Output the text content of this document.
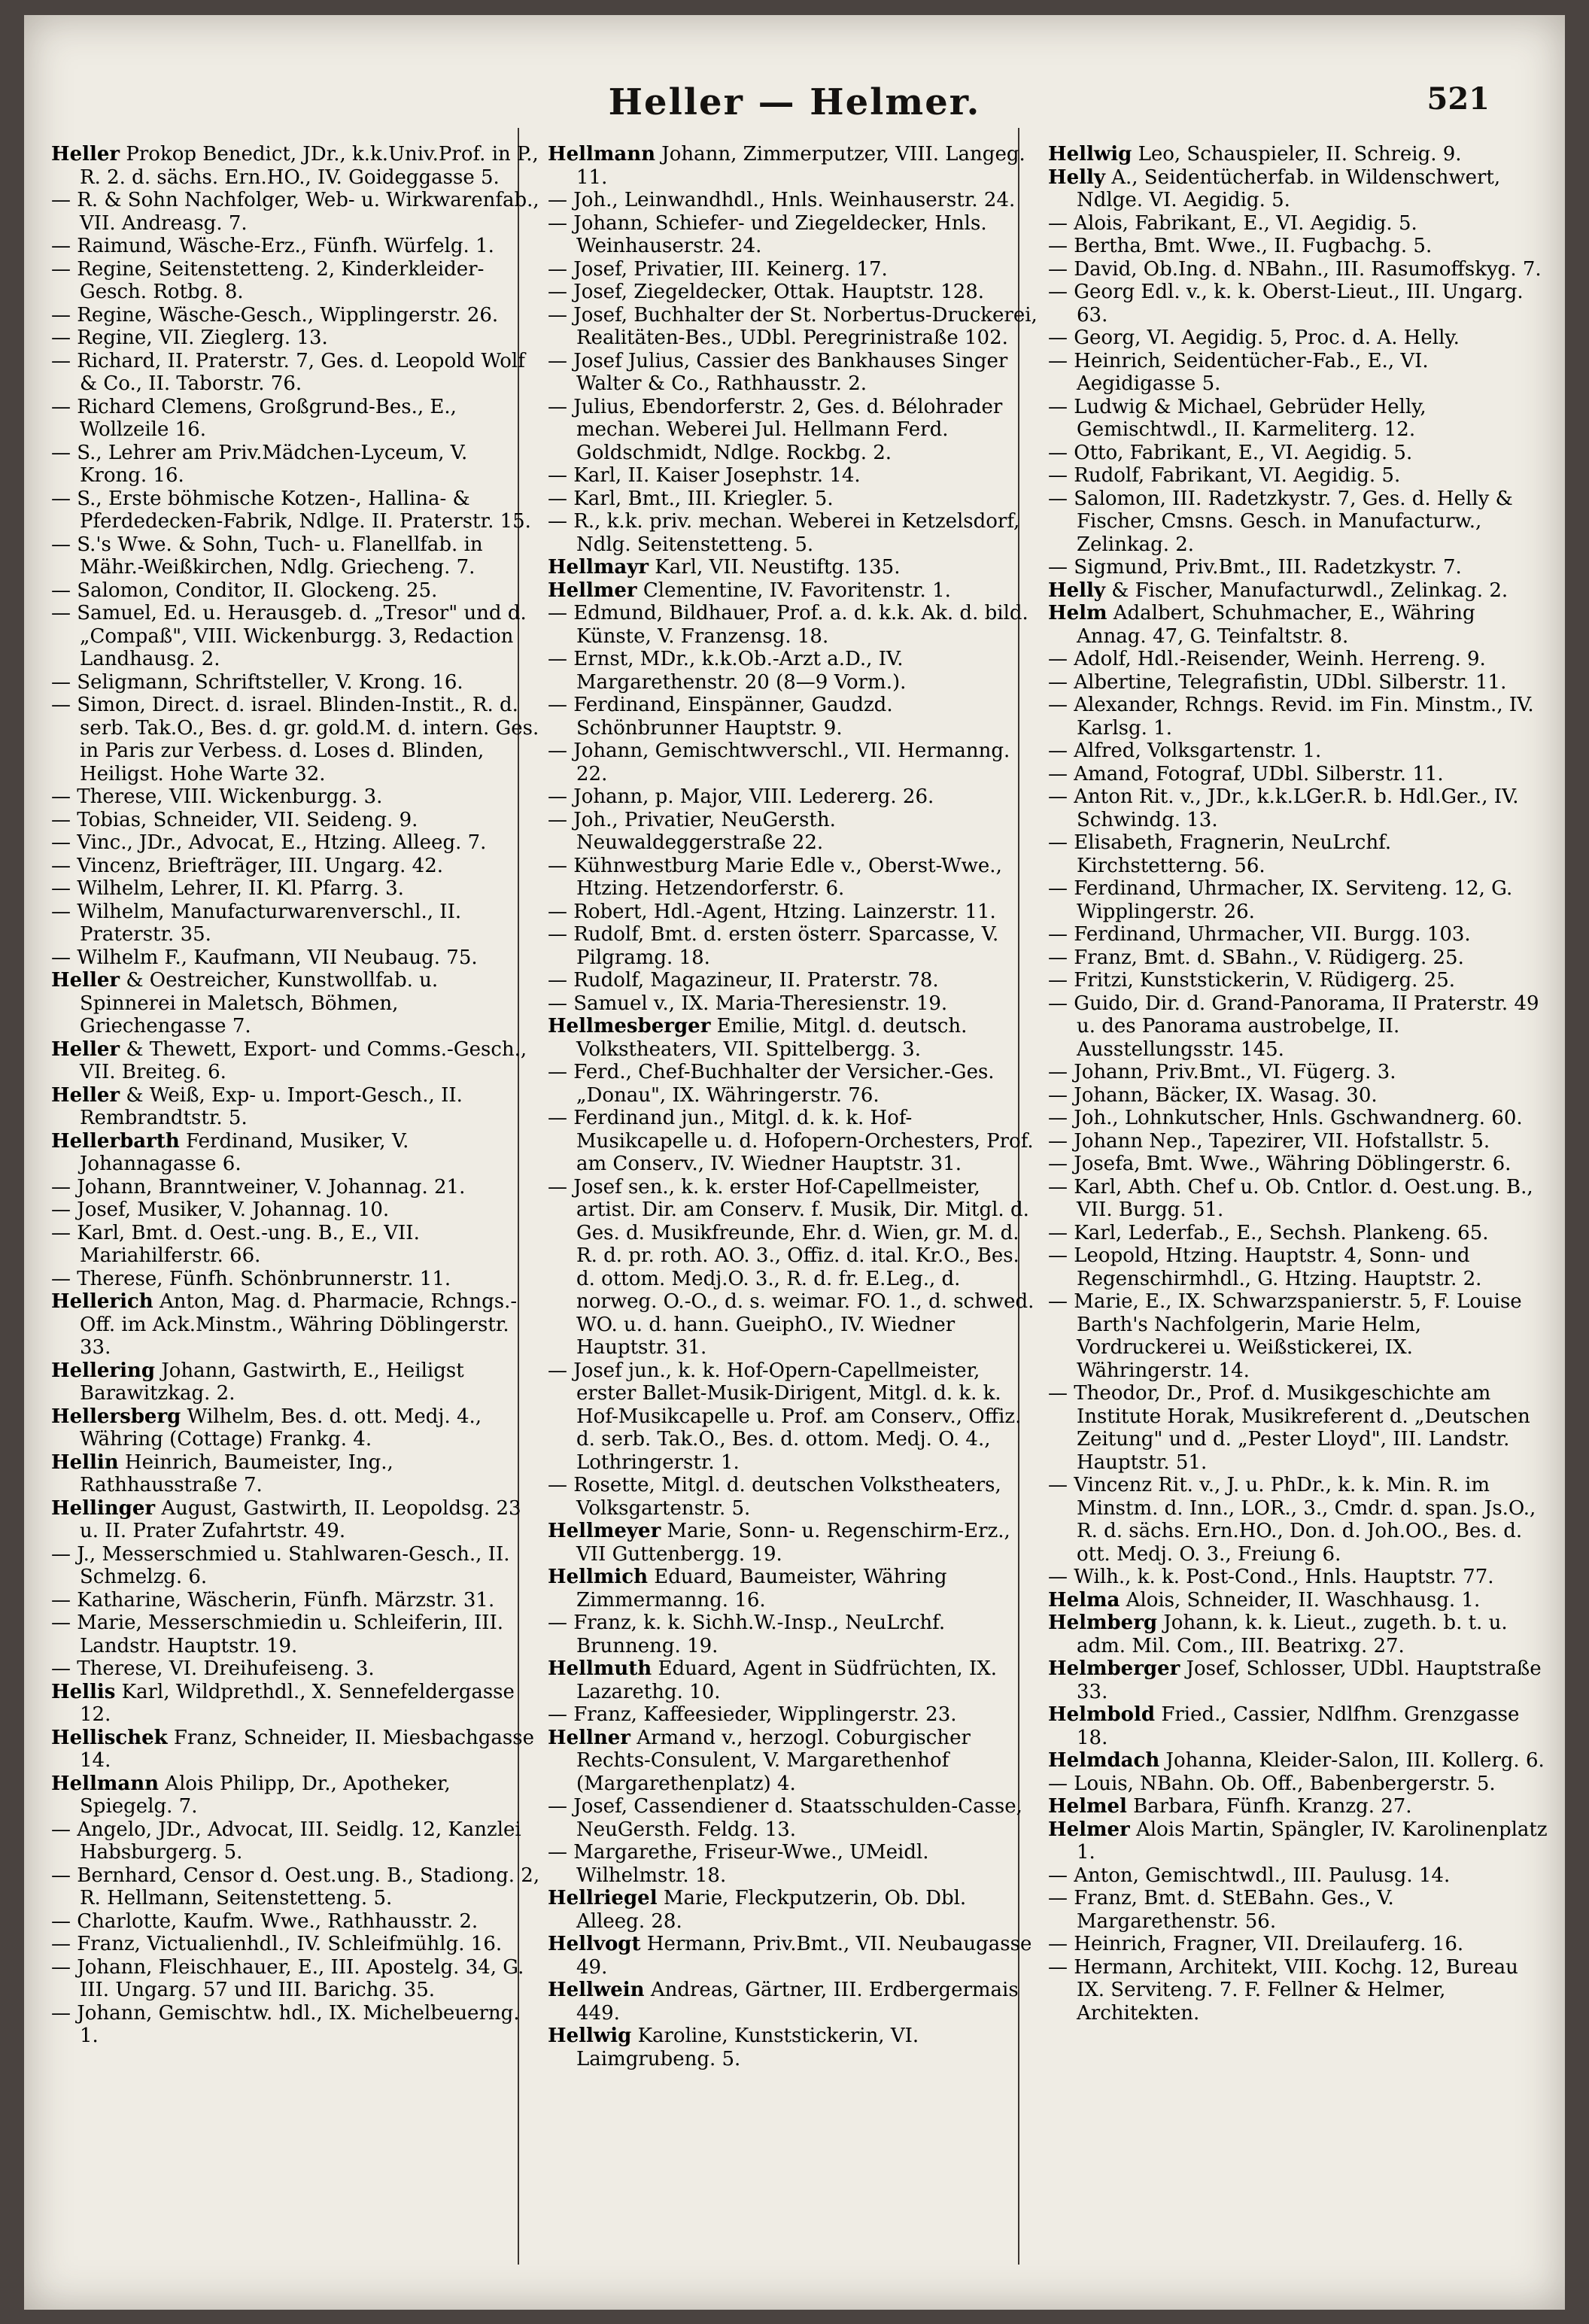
Heller — Helmer.	521

Heller Prokop Benedict, JDr., k.k.Univ.Prof. in P., R. 2. d. sächs. Ern.HO., IV. Goideggasse 5.

— R. & Sohn Nachfolger, Web- u. Wirkwarenfab., VII. Andreasg. 7.

— Raimund, Wäsche-Erz., Fünfh. Würfelg. 1.

— Regine, Seitenstetteng. 2, Kinderkleider-Gesch. Rotbg. 8.

— Regine, Wäsche-Gesch., Wipplingerstr. 26.

— Regine, VII. Zieglerg. 13.

— Richard, II. Praterstr. 7, Ges. d. Leopold Wolf & Co., II. Taborstr. 76.

— Richard Clemens, Großgrund-Bes., E., Wollzeile 16.

— S., Lehrer am Priv.Mädchen-Lyceum, V. Krong. 16.

— S., Erste böhmische Kotzen-, Hallina- & Pferdedecken-Fabrik, Ndlge. II. Praterstr. 15.

— S.'s Wwe. & Sohn, Tuch- u. Flanellfab. in Mähr.-Weißkirchen, Ndlg. Griecheng. 7.

— Salomon, Conditor, II. Glockeng. 25.

— Samuel, Ed. u. Herausgeb. d. „Tresor" und d. „Compaß", VIII. Wickenburgg. 3, Redaction Landhausg. 2.

— Seligmann, Schriftsteller, V. Krong. 16.

— Simon, Direct. d. israel. Blinden-Instit., R. d. serb. Tak.O., Bes. d. gr. gold.M. d. intern. Ges. in Paris zur Verbess. d. Loses d. Blinden, Heiligst. Hohe Warte 32.

— Therese, VIII. Wickenburgg. 3.

— Tobias, Schneider, VII. Seideng. 9.

— Vinc., JDr., Advocat, E., Htzing. Alleeg. 7.

— Vincenz, Briefträger, III. Ungarg. 42.

— Wilhelm, Lehrer, II. Kl. Pfarrg. 3.

— Wilhelm, Manufacturwarenverschl., II. Praterstr. 35.

— Wilhelm F., Kaufmann, VII Neubaug. 75.

Heller & Oestreicher, Kunstwollfab. u. Spinnerei in Maletsch, Böhmen, Griechengasse 7.

Heller & Thewett, Export- und Comms.-Gesch., VII. Breiteg. 6.

Heller & Weiß, Exp- u. Import-Gesch., II. Rembrandtstr. 5.

Hellerbarth Ferdinand, Musiker, V. Johannagasse 6.

— Johann, Branntweiner, V. Johannag. 21.

— Josef, Musiker, V. Johannag. 10.

— Karl, Bmt. d. Oest.-ung. B., E., VII. Mariahilferstr. 66.

— Therese, Fünfh. Schönbrunnerstr. 11.

Hellerich Anton, Mag. d. Pharmacie, Rchngs.-Off. im Ack.Minstm., Währing Döblingerstr. 33.

Hellering Johann, Gastwirth, E., Heiligst Barawitzkag. 2.

Hellersberg Wilhelm, Bes. d. ott. Medj. 4., Währing (Cottage) Frankg. 4.

Hellin Heinrich, Baumeister, Ing., Rathhausstraße 7.

Hellinger August, Gastwirth, II. Leopoldsg. 23 u. II. Prater Zufahrtstr. 49.

— J., Messerschmied u. Stahlwaren-Gesch., II. Schmelzg. 6.

— Katharine, Wäscherin, Fünfh. Märzstr. 31.

— Marie, Messerschmiedin u. Schleiferin, III. Landstr. Hauptstr. 19.

— Therese, VI. Dreihufeiseng. 3.

Hellis Karl, Wildprethdl., X. Sennefeldergasse 12.

Hellischek Franz, Schneider, II. Miesbachgasse 14.

Hellmann Alois Philipp, Dr., Apotheker, Spiegelg. 7.

— Angelo, JDr., Advocat, III. Seidlg. 12, Kanzlei Habsburgerg. 5.

— Bernhard, Censor d. Oest.ung. B., Stadiong. 2, R. Hellmann, Seitenstetteng. 5.

— Charlotte, Kaufm. Wwe., Rathhausstr. 2.

— Franz, Victualienhdl., IV. Schleifmühlg. 16.

— Johann, Fleischhauer, E., III. Apostelg. 34, G. III. Ungarg. 57 und III. Barichg. 35.

— Johann, Gemischtw. hdl., IX. Michelbeuerng. 1.

Hellmann Johann, Zimmerputzer, VIII. Langeg. 11.

— Joh., Leinwandhdl., Hnls. Weinhauserstr. 24.

— Johann, Schiefer- und Ziegeldecker, Hnls. Weinhauserstr. 24.

— Josef, Privatier, III. Keinerg. 17.

— Josef, Ziegeldecker, Ottak. Hauptstr. 128.

— Josef, Buchhalter der St. Norbertus-Druckerei, Realitäten-Bes., UDbl. Peregrinistraße 102.

— Josef Julius, Cassier des Bankhauses Singer Walter & Co., Rathhausstr. 2.

— Julius, Ebendorferstr. 2, Ges. d. Bélohrader mechan. Weberei Jul. Hellmann Ferd. Goldschmidt, Ndlge. Rockbg. 2.

— Karl, II. Kaiser Josephstr. 14.

— Karl, Bmt., III. Kriegler. 5.

— R., k.k. priv. mechan. Weberei in Ketzelsdorf, Ndlg. Seitenstetteng. 5.

Hellmayr Karl, VII. Neustiftg. 135.

Hellmer Clementine, IV. Favoritenstr. 1.

— Edmund, Bildhauer, Prof. a. d. k.k. Ak. d. bild. Künste, V. Franzensg. 18.

— Ernst, MDr., k.k.Ob.-Arzt a.D., IV. Margarethenstr. 20 (8—9 Vorm.).

— Ferdinand, Einspänner, Gaudzd. Schönbrunner Hauptstr. 9.

— Johann, Gemischtwverschl., VII. Hermanng. 22.

— Johann, p. Major, VIII. Ledererg. 26.

— Joh., Privatier, NeuGersth. Neuwaldeggerstraße 22.

— Kühnwestburg Marie Edle v., Oberst-Wwe., Htzing. Hetzendorferstr. 6.

— Robert, Hdl.-Agent, Htzing. Lainzerstr. 11.

— Rudolf, Bmt. d. ersten österr. Sparcasse, V. Pilgramg. 18.

— Rudolf, Magazineur, II. Praterstr. 78.

— Samuel v., IX. Maria-Theresienstr. 19.

Hellmesberger Emilie, Mitgl. d. deutsch. Volkstheaters, VII. Spittelbergg. 3.

— Ferd., Chef-Buchhalter der Versicher.-Ges. „Donau", IX. Währingerstr. 76.

— Ferdinand jun., Mitgl. d. k. k. Hof-Musikcapelle u. d. Hofopern-Orchesters, Prof. am Conserv., IV. Wiedner Hauptstr. 31.

— Josef sen., k. k. erster Hof-Capellmeister, artist. Dir. am Conserv. f. Musik, Dir. Mitgl. d. Ges. d. Musikfreunde, Ehr. d. Wien, gr. M. d. R. d. pr. roth. AO. 3., Offiz. d. ital. Kr.O., Bes. d. ottom. Medj.O. 3., R. d. fr. E.Leg., d. norweg. O.-O., d. s. weimar. FO. 1., d. schwed. WO. u. d. hann. GueiphO., IV. Wiedner Hauptstr. 31.

— Josef jun., k. k. Hof-Opern-Capellmeister, erster Ballet-Musik-Dirigent, Mitgl. d. k. k. Hof-Musikcapelle u. Prof. am Conserv., Offiz. d. serb. Tak.O., Bes. d. ottom. Medj. O. 4., Lothringerstr. 1.

— Rosette, Mitgl. d. deutschen Volkstheaters, Volksgartenstr. 5.

Hellmeyer Marie, Sonn- u. Regenschirm-Erz., VII Guttenbergg. 19.

Hellmich Eduard, Baumeister, Währing Zimmermanng. 16.

— Franz, k. k. Sichh.W.-Insp., NeuLrchf. Brunneng. 19.

Hellmuth Eduard, Agent in Südfrüchten, IX. Lazarethg. 10.

— Franz, Kaffeesieder, Wipplingerstr. 23.

Hellner Armand v., herzogl. Coburgischer Rechts-Consulent, V. Margarethenhof (Margarethenplatz) 4.

— Josef, Cassendiener d. Staatsschulden-Casse, NeuGersth. Feldg. 13.

— Margarethe, Friseur-Wwe., UMeidl. Wilhelmstr. 18.

Hellriegel Marie, Fleckputzerin, Ob. Dbl. Alleeg. 28.

Hellvogt Hermann, Priv.Bmt., VII. Neubaugasse 49.

Hellwein Andreas, Gärtner, III. Erdbergermais 449.

Hellwig Karoline, Kunststickerin, VI. Laimgrubeng. 5.

Hellwig Leo, Schauspieler, II. Schreig. 9.

Helly A., Seidentücherfab. in Wildenschwert, Ndlge. VI. Aegidig. 5.

— Alois, Fabrikant, E., VI. Aegidig. 5.

— Bertha, Bmt. Wwe., II. Fugbachg. 5.

— David, Ob.Ing. d. NBahn., III. Rasumoffskyg. 7.

— Georg Edl. v., k. k. Oberst-Lieut., III. Ungarg. 63.

— Georg, VI. Aegidig. 5, Proc. d. A. Helly.

— Heinrich, Seidentücher-Fab., E., VI. Aegidigasse 5.

— Ludwig & Michael, Gebrüder Helly, Gemischtwdl., II. Karmeliterg. 12.

— Otto, Fabrikant, E., VI. Aegidig. 5.

— Rudolf, Fabrikant, VI. Aegidig. 5.

— Salomon, III. Radetzkystr. 7, Ges. d. Helly & Fischer, Cmsns. Gesch. in Manufacturw., Zelinkag. 2.

— Sigmund, Priv.Bmt., III. Radetzkystr. 7.

Helly & Fischer, Manufacturwdl., Zelinkag. 2.

Helm Adalbert, Schuhmacher, E., Währing Annag. 47, G. Teinfaltstr. 8.

— Adolf, Hdl.-Reisender, Weinh. Herreng. 9.

— Albertine, Telegrafistin, UDbl. Silberstr. 11.

— Alexander, Rchngs. Revid. im Fin. Minstm., IV. Karlsg. 1.

— Alfred, Volksgartenstr. 1.

— Amand, Fotograf, UDbl. Silberstr. 11.

— Anton Rit. v., JDr., k.k.LGer.R. b. Hdl.Ger., IV. Schwindg. 13.

— Elisabeth, Fragnerin, NeuLrchf. Kirchstetterng. 56.

— Ferdinand, Uhrmacher, IX. Serviteng. 12, G. Wipplingerstr. 26.

— Ferdinand, Uhrmacher, VII. Burgg. 103.

— Franz, Bmt. d. SBahn., V. Rüdigerg. 25.

— Fritzi, Kunststickerin, V. Rüdigerg. 25.

— Guido, Dir. d. Grand-Panorama, II Praterstr. 49 u. des Panorama austrobelge, II. Ausstellungsstr. 145.

— Johann, Priv.Bmt., VI. Fügerg. 3.

— Johann, Bäcker, IX. Wasag. 30.

— Joh., Lohnkutscher, Hnls. Gschwandnerg. 60.

— Johann Nep., Tapezirer, VII. Hofstallstr. 5.

— Josefa, Bmt. Wwe., Währing Döblingerstr. 6.

— Karl, Abth. Chef u. Ob. Cntlor. d. Oest.ung. B., VII. Burgg. 51.

— Karl, Lederfab., E., Sechsh. Plankeng. 65.

— Leopold, Htzing. Hauptstr. 4, Sonn- und Regenschirmhdl., G. Htzing. Hauptstr. 2.

— Marie, E., IX. Schwarzspanierstr. 5, F. Louise Barth's Nachfolgerin, Marie Helm, Vordruckerei u. Weißstickerei, IX. Währingerstr. 14.

— Theodor, Dr., Prof. d. Musikgeschichte am Institute Horak, Musikreferent d. „Deutschen Zeitung" und d. „Pester Lloyd", III. Landstr. Hauptstr. 51.

— Vincenz Rit. v., J. u. PhDr., k. k. Min. R. im Minstm. d. Inn., LOR., 3., Cmdr. d. span. Js.O., R. d. sächs. Ern.HO., Don. d. Joh.OO., Bes. d. ott. Medj. O. 3., Freiung 6.

— Wilh., k. k. Post-Cond., Hnls. Hauptstr. 77.

Helma Alois, Schneider, II. Waschhausg. 1.

Helmberg Johann, k. k. Lieut., zugeth. b. t. u. adm. Mil. Com., III. Beatrixg. 27.

Helmberger Josef, Schlosser, UDbl. Hauptstraße 33.

Helmbold Fried., Cassier, Ndlfhm. Grenzgasse 18.

Helmdach Johanna, Kleider-Salon, III. Kollerg. 6.

— Louis, NBahn. Ob. Off., Babenbergerstr. 5.

Helmel Barbara, Fünfh. Kranzg. 27.

Helmer Alois Martin, Spängler, IV. Karolinenplatz 1.

— Anton, Gemischtwdl., III. Paulusg. 14.

— Franz, Bmt. d. StEBahn. Ges., V. Margarethenstr. 56.

— Heinrich, Fragner, VII. Dreilauferg. 16.

— Hermann, Architekt, VIII. Kochg. 12, Bureau IX. Serviteng. 7. F. Fellner & Helmer, Architekten.
